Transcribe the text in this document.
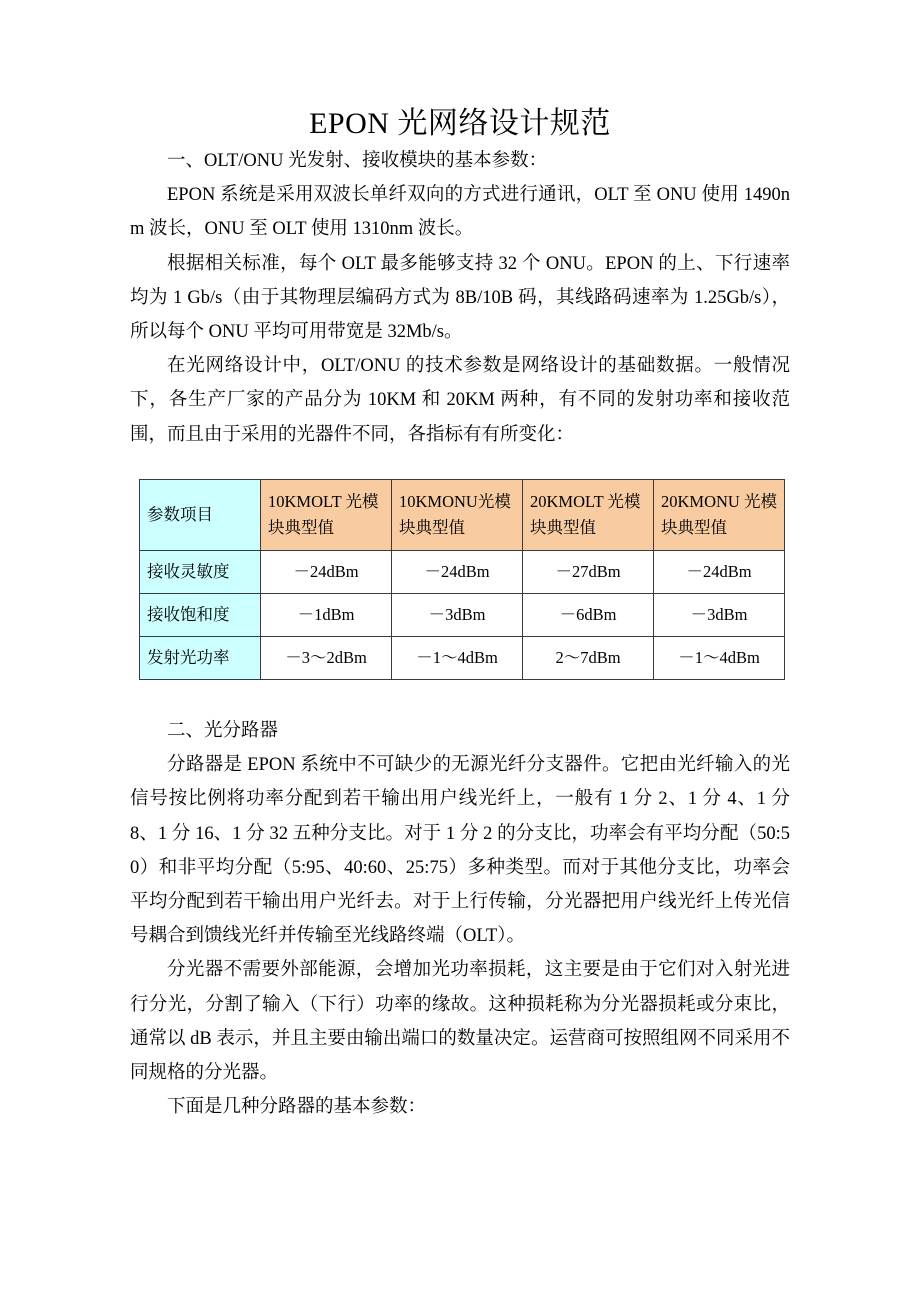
EPON 光网络设计规范

一、OLT/ONU 光发射、接收模块的基本参数：

EPON 系统是采用双波长单纤双向的方式进行通讯，OLT 至 ONU 使用 1490nm 波长，ONU 至 OLT 使用 1310nm 波长。

根据相关标准，每个 OLT 最多能够支持 32 个 ONU。EPON 的上、下行速率均为 1 Gb/s（由于其物理层编码方式为 8B/10B 码，其线路码速率为 1.25Gb/s），所以每个 ONU 平均可用带宽是 32Mb/s。

在光网络设计中，OLT/ONU 的技术参数是网络设计的基础数据。一般情况下，各生产厂家的产品分为 10KM 和 20KM 两种，有不同的发射功率和接收范围，而且由于采用的光器件不同，各指标有有所变化：

参数项目	10KMOLT 光模块典型值	10KMONU光模块典型值	20KMOLT 光模块典型值	20KMONU 光模块典型值
接收灵敏度	－24dBm	－24dBm	－27dBm	－24dBm
接收饱和度	－1dBm	－3dBm	－6dBm	－3dBm
发射光功率	－3～2dBm	－1～4dBm	2～7dBm	－1～4dBm

二、光分路器

分路器是 EPON 系统中不可缺少的无源光纤分支器件。它把由光纤输入的光信号按比例将功率分配到若干输出用户线光纤上，一般有 1 分 2、1 分 4、1 分 8、1 分 16、1 分 32 五种分支比。对于 1 分 2 的分支比，功率会有平均分配（50:50）和非平均分配（5:95、40:60、25:75）多种类型。而对于其他分支比，功率会平均分配到若干输出用户光纤去。对于上行传输，分光器把用户线光纤上传光信号耦合到馈线光纤并传输至光线路终端（OLT）。

分光器不需要外部能源，会增加光功率损耗，这主要是由于它们对入射光进行分光，分割了输入（下行）功率的缘故。这种损耗称为分光器损耗或分束比，通常以 dB 表示，并且主要由输出端口的数量决定。运营商可按照组网不同采用不同规格的分光器。

下面是几种分路器的基本参数：
